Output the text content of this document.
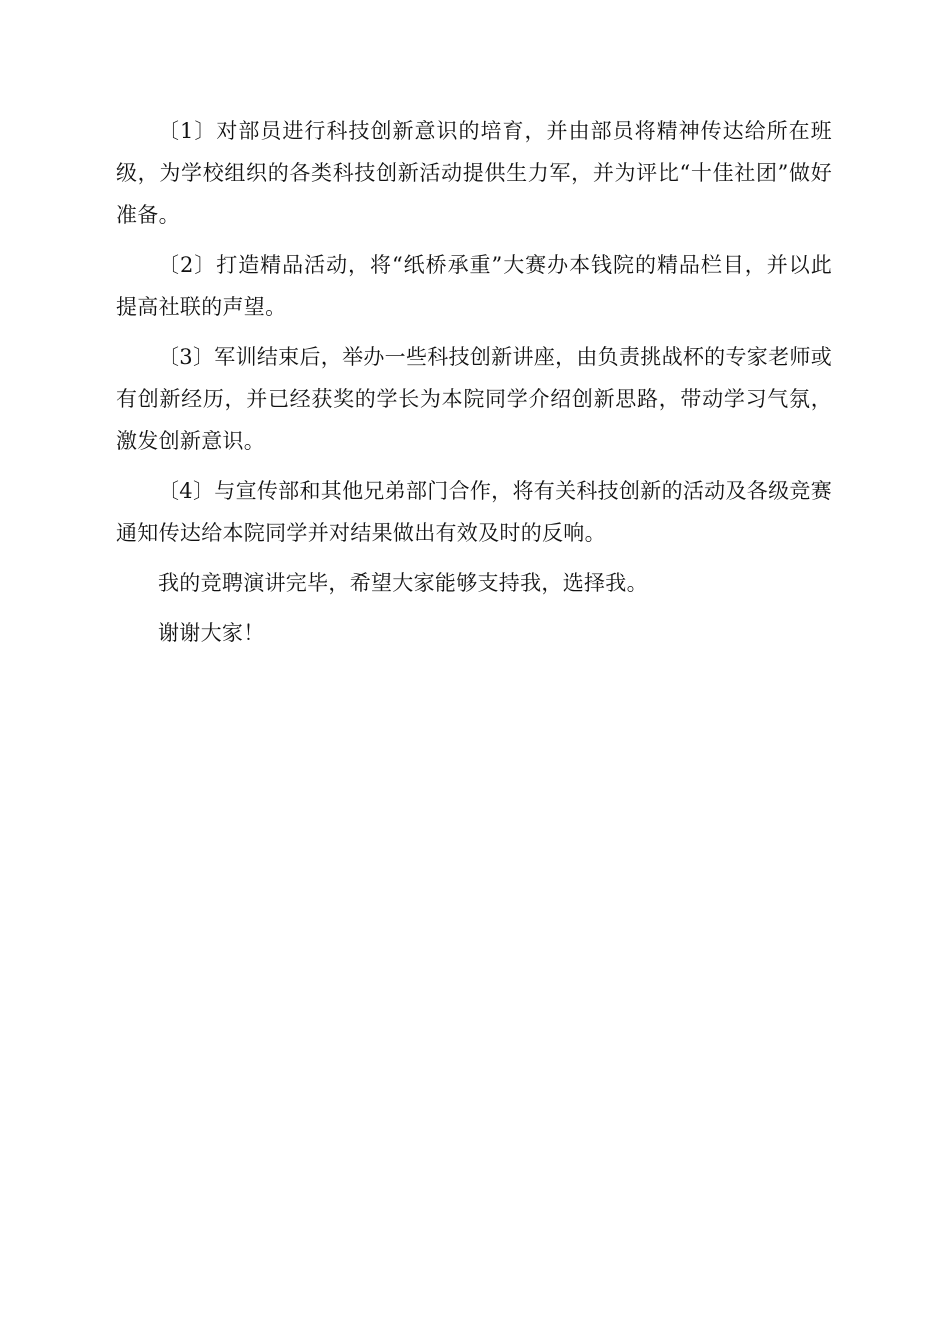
〔1〕对部员进行科技创新意识的培育，并由部员将精神传达给所在班级，为学校组织的各类科技创新活动提供生力军，并为评比“十佳社团”做好准备。

〔2〕打造精品活动，将“纸桥承重”大赛办本钱院的精品栏目，并以此提高社联的声望。

〔3〕军训结束后，举办一些科技创新讲座，由负责挑战杯的专家老师或有创新经历，并已经获奖的学长为本院同学介绍创新思路，带动学习气氛，激发创新意识。

〔4〕与宣传部和其他兄弟部门合作，将有关科技创新的活动及各级竞赛通知传达给本院同学并对结果做出有效及时的反响。

我的竞聘演讲完毕，希望大家能够支持我，选择我。

谢谢大家！
